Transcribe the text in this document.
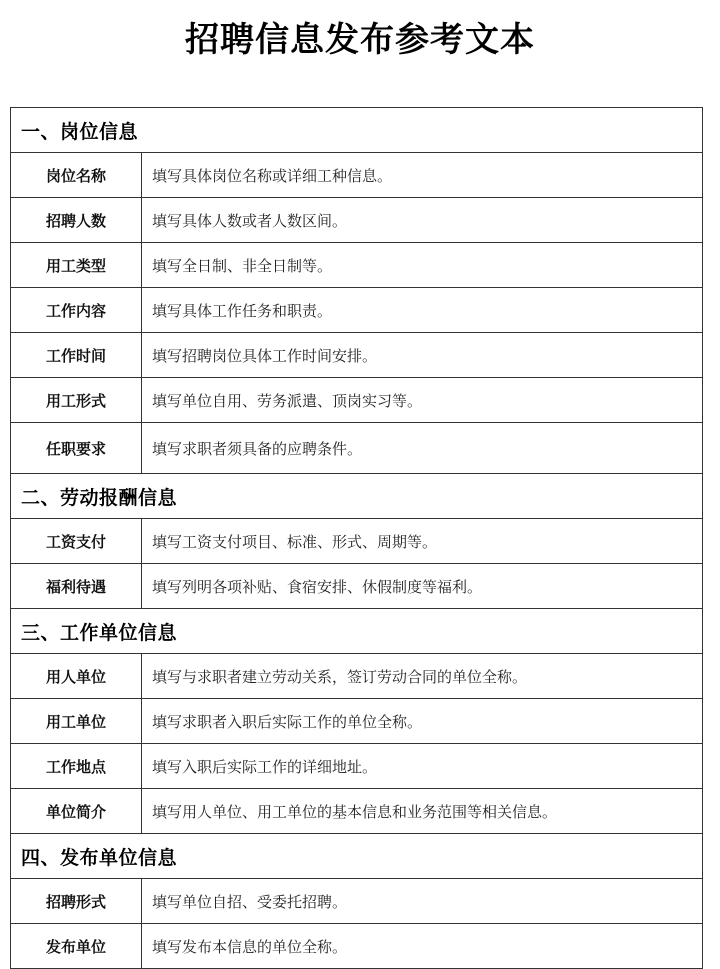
招聘信息发布参考文本
一、岗位信息	
岗位名称	填写具体岗位名称或详细工种信息。
招聘人数	填写具体人数或者人数区间。
用工类型	填写全日制、非全日制等。
工作内容	填写具体工作任务和职责。
工作时间	填写招聘岗位具体工作时间安排。
用工形式	填写单位自用、劳务派遣、顶岗实习等。
任职要求	填写求职者须具备的应聘条件。
二、劳动报酬信息	
工资支付	填写工资支付项目、标准、形式、周期等。
福利待遇	填写列明各项补贴、食宿安排、休假制度等福利。
三、工作单位信息	
用人单位	填写与求职者建立劳动关系，签订劳动合同的单位全称。
用工单位	填写求职者入职后实际工作的单位全称。
工作地点	填写入职后实际工作的详细地址。
单位简介	填写用人单位、用工单位的基本信息和业务范围等相关信息。
四、发布单位信息	
招聘形式	填写单位自招、受委托招聘。
发布单位	填写发布本信息的单位全称。
